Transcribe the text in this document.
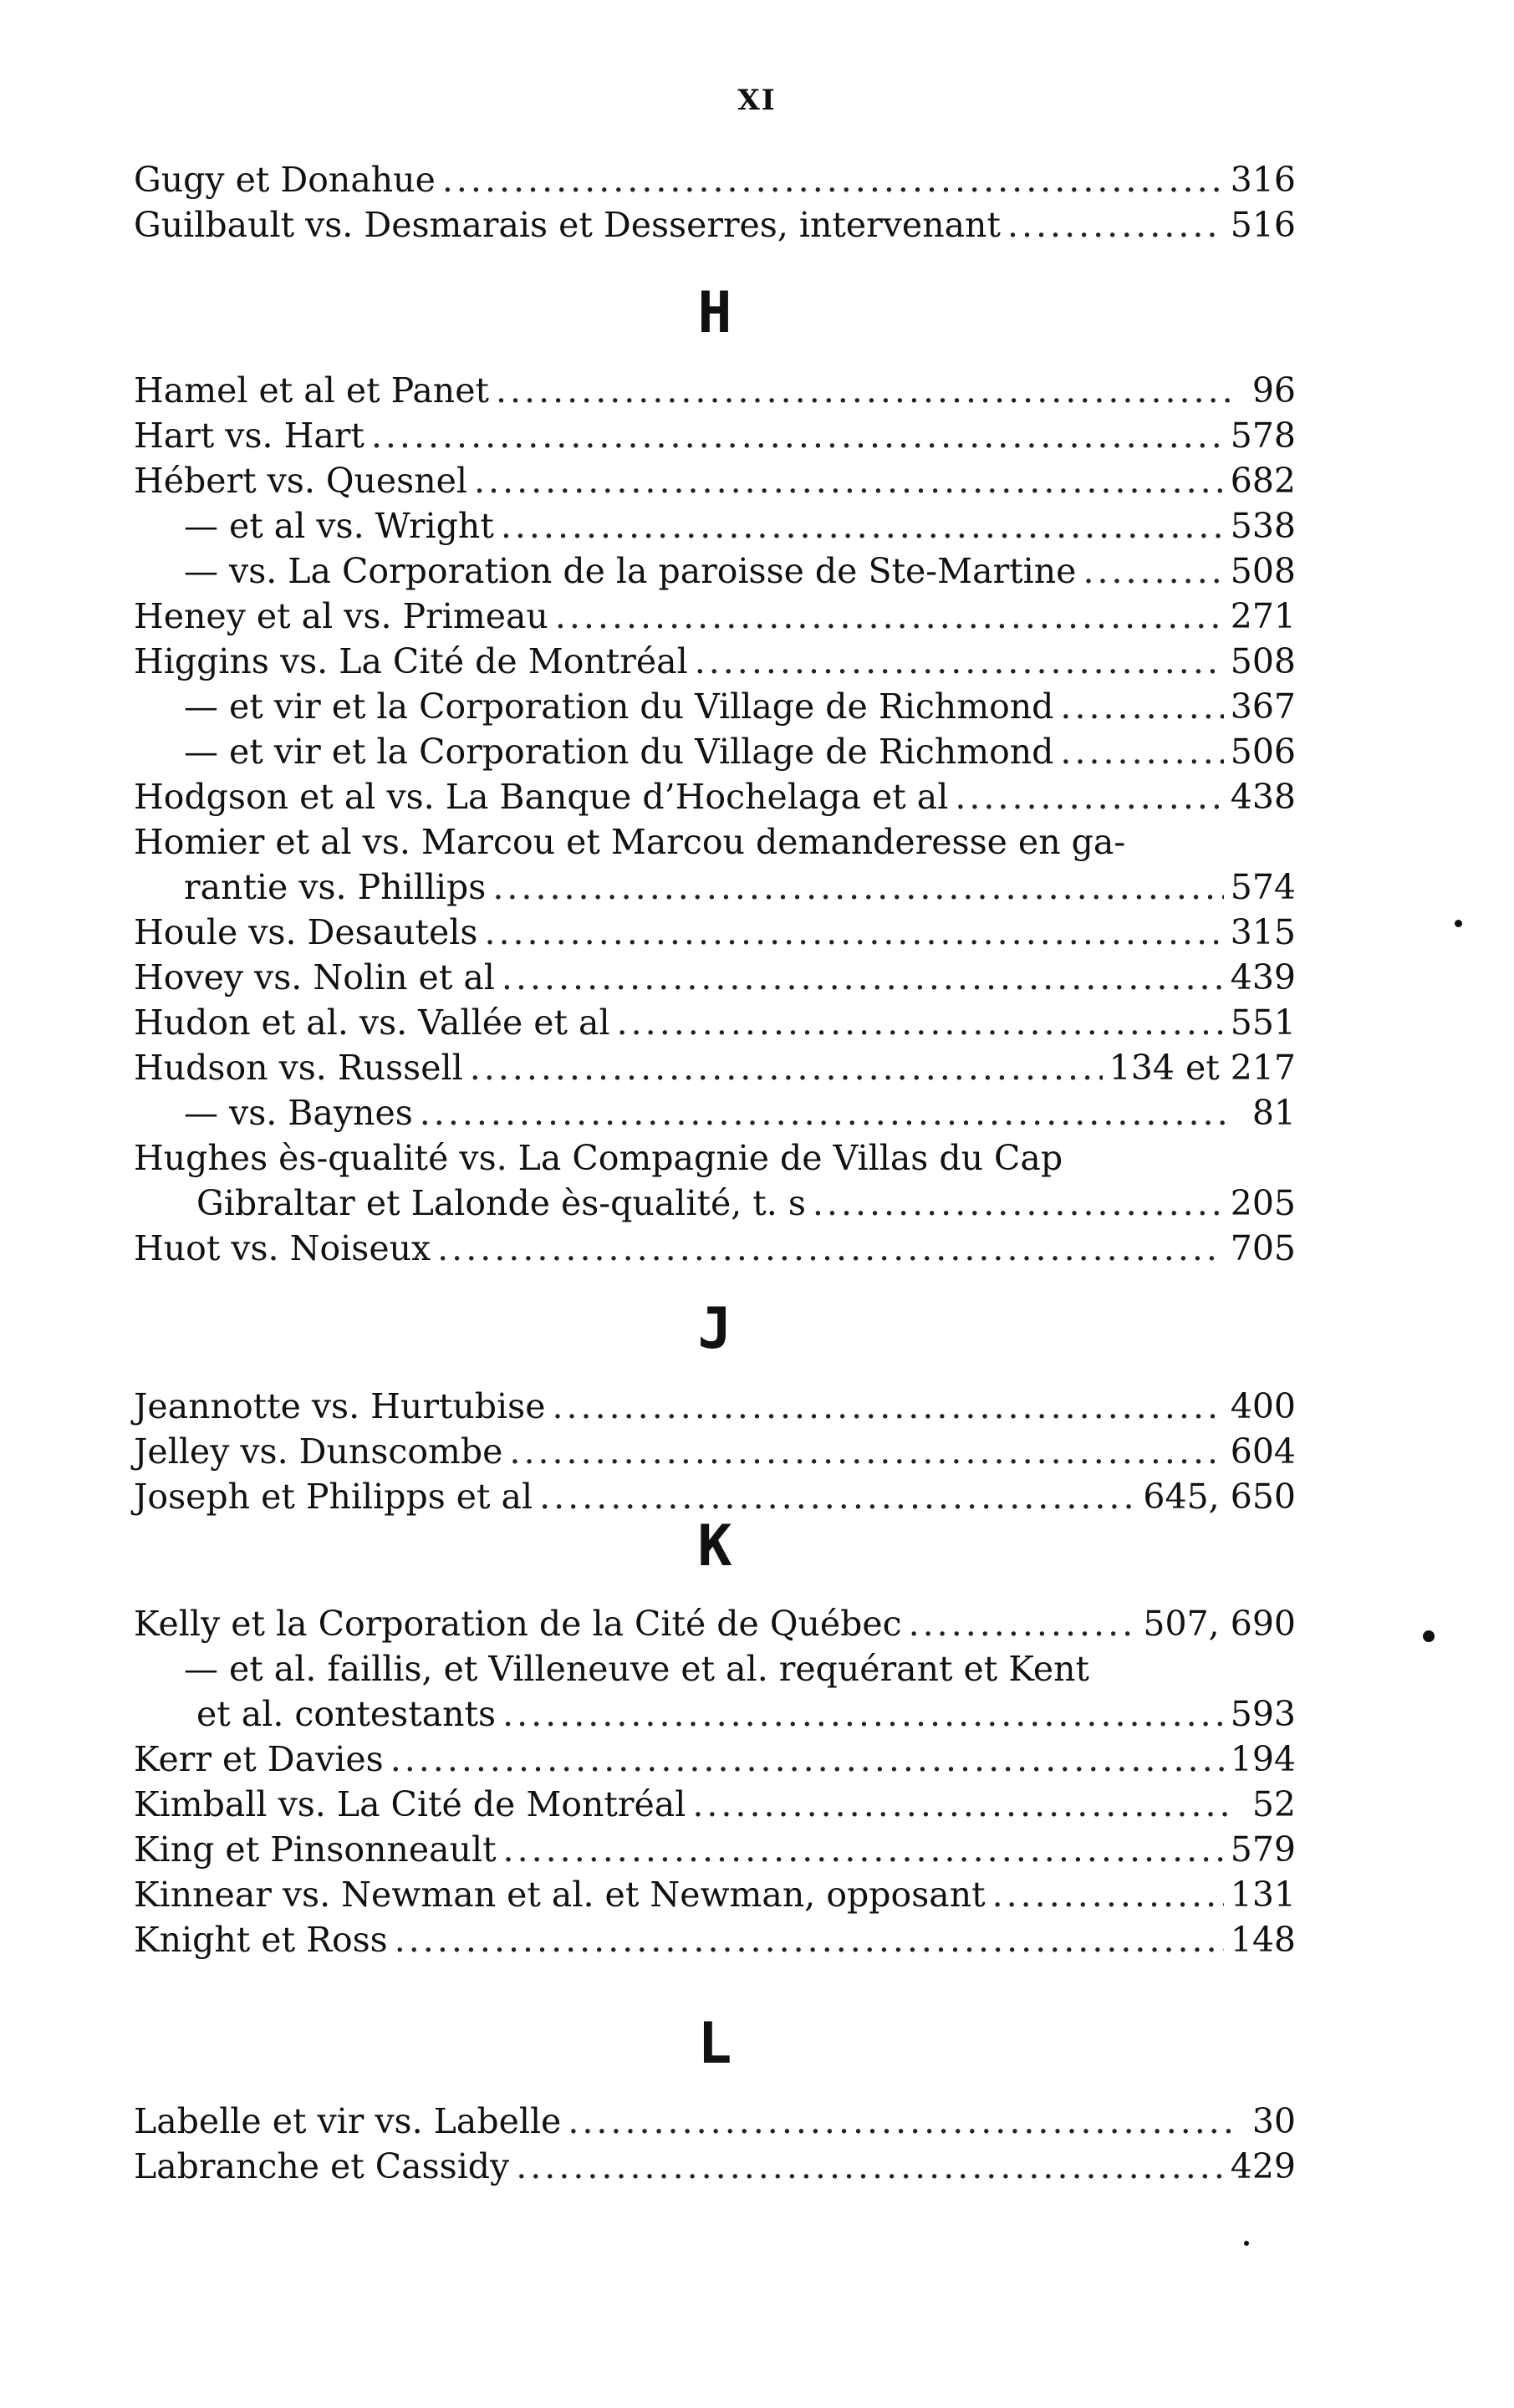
XI
Gugy et Donahue .....	316
Guilbault vs. Desmarais et Desserres, intervenant .....	516
H
Hamel et al et Panet .....	96
Hart vs. Hart .....	578
Hébert vs. Quesnel .....	682
— et al vs. Wright .....	538
— vs. La Corporation de la paroisse de Ste-Martine .....	508
Heney et al vs. Primeau .....	271
Higgins vs. La Cité de Montréal .....	508
— et vir et la Corporation du Village de Richmond .....	367
— et vir et la Corporation du Village de Richmond .....	506
Hodgson et al vs. La Banque d’Hochelaga et al .....	438
Homier et al vs. Marcou et Marcou demanderesse en ga-
rantie vs. Phillips .....	574
Houle vs. Desautels .....	315
Hovey vs. Nolin et al .....	439
Hudon et al. vs. Vallée et al .....	551
Hudson vs. Russell .....	134 et 217
— vs. Baynes .....	81
Hughes ès-qualité vs. La Compagnie de Villas du Cap
Gibraltar et Lalonde ès-qualité, t. s .....	205
Huot vs. Noiseux .....	705
J
Jeannotte vs. Hurtubise .....	400
Jelley vs. Dunscombe .....	604
Joseph et Philipps et al .....	645, 650
K
Kelly et la Corporation de la Cité de Québec .....	507, 690
— et al. faillis, et Villeneuve et al. requérant et Kent
et al. contestants .....	593
Kerr et Davies .....	194
Kimball vs. La Cité de Montréal .....	52
King et Pinsonneault .....	579
Kinnear vs. Newman et al. et Newman, opposant .....	131
Knight et Ross .....	148
L
Labelle et vir vs. Labelle .....	30
Labranche et Cassidy .....	429
